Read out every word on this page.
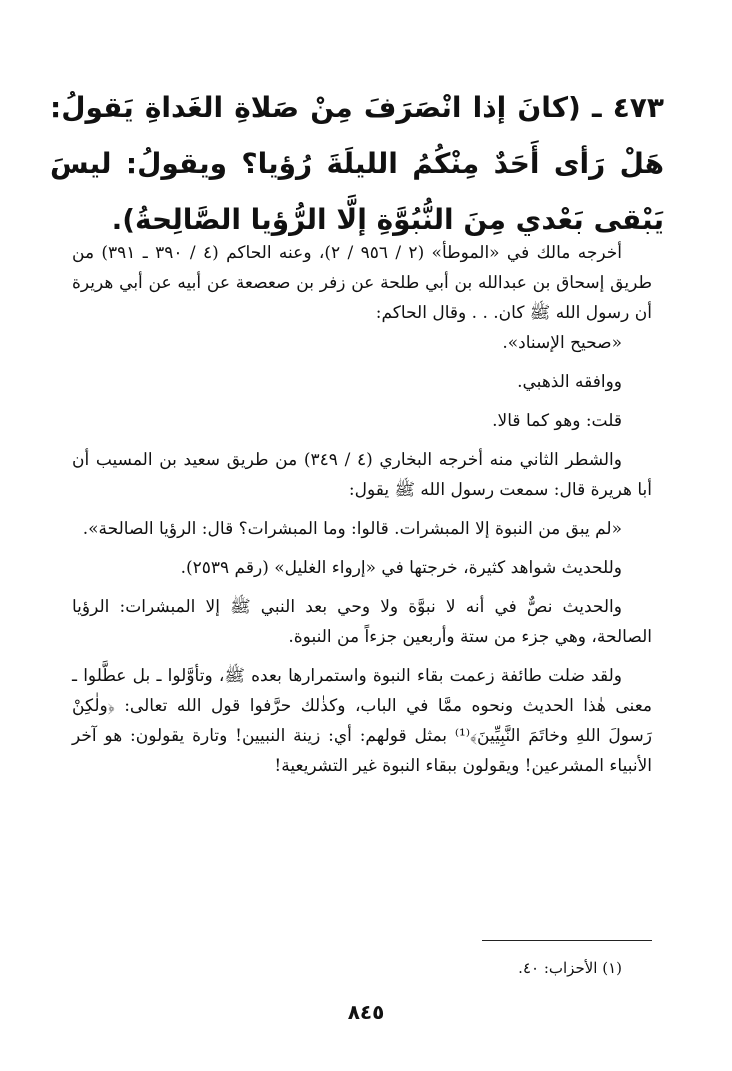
٤٧٣ ـ (كانَ إذا انْصَرَفَ مِنْ صَلاةِ الغَداةِ يَقولُ: هَلْ رَأى أَحَدٌ مِنْكُمُ الليلَةَ رُؤيا؟ ويقولُ: ليسَ يَبْقى بَعْدي مِنَ النُّبُوَّةِ إلَّا الرُّؤيا الصَّالِحةُ).

أخرجه مالك في «الموطأ» (٢ / ٩٥٦ / ٢)، وعنه الحاكم (٤ / ٣٩٠ ـ ٣٩١) من طريق إسحاق بن عبدالله بن أبي طلحة عن زفر بن صعصعة عن أبيه عن أبي هريرة أن رسول الله ﷺ كان. . . وقال الحاكم:

«صحيح الإسناد».

ووافقه الذهبي.

قلت: وهو كما قالا.

والشطر الثاني منه أخرجه البخاري (٤ / ٣٤٩) من طريق سعيد بن المسيب أن أبا هريرة قال: سمعت رسول الله ﷺ يقول:

«لم يبق من النبوة إلا المبشرات. قالوا: وما المبشرات؟ قال: الرؤيا الصالحة».

وللحديث شواهد كثيرة، خرجتها في «إرواء الغليل» (رقم ٢٥٣٩).

والحديث نصٌّ في أنه لا نبوَّة ولا وحي بعد النبي ﷺ إلا المبشرات: الرؤيا الصالحة، وهي جزء من ستة وأربعين جزءاً من النبوة.

ولقد ضلت طائفة زعمت بقاء النبوة واستمرارها بعده ﷺ، وتأوَّلوا ـ بل عطَّلوا ـ معنى هٰذا الحديث ونحوه ممَّا في الباب، وكذٰلك حرَّفوا قول الله تعالى: ﴿ولٰكِنْ رَسولَ اللهِ وخاتَمَ النَّبِيِّينَ﴾⁽¹⁾ بمثل قولهم: أي: زينة النبيين! وتارة يقولون: هو آخر الأنبياء المشرعين! ويقولون ببقاء النبوة غير التشريعية!

(١) الأحزاب: ٤٠.
٨٤٥
